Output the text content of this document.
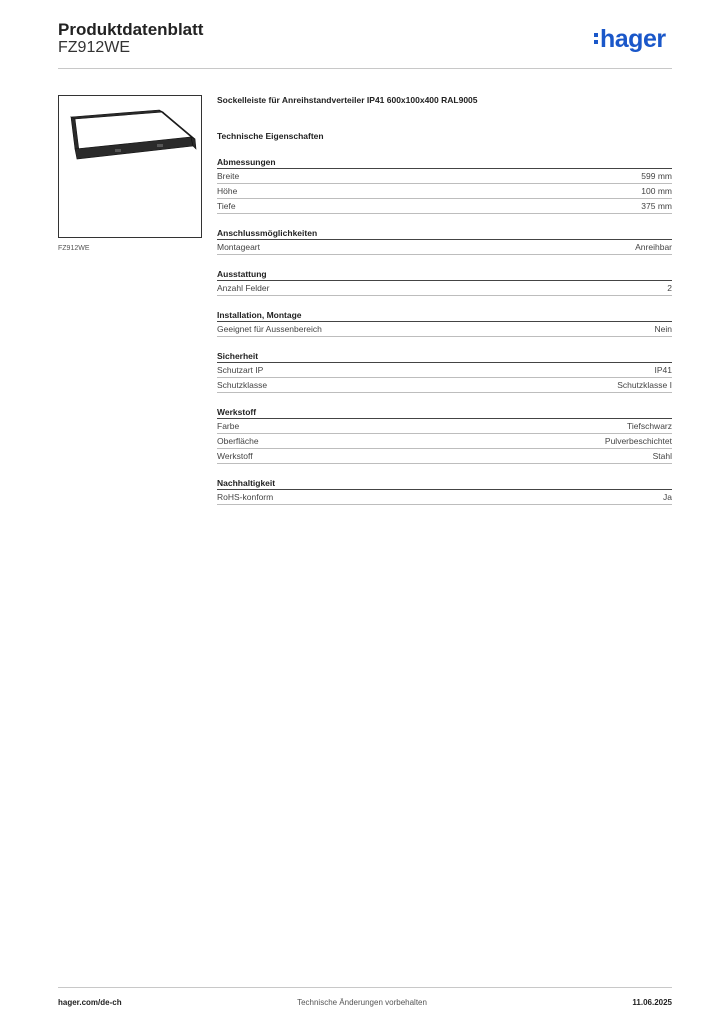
Produktdatenblatt
FZ912WE	hager
FZ912WE
Sockelleiste für Anreihstandverteiler IP41 600x100x400 RAL9005
Technische Eigenschaften
Abmessungen
Breite	599 mm
Höhe	100 mm
Tiefe	375 mm
Anschlussmöglichkeiten
Montageart	Anreihbar
Ausstattung
Anzahl Felder	2
Installation, Montage
Geeignet für Aussenbereich	Nein
Sicherheit
Schutzart IP	IP41
Schutzklasse	Schutzklasse I
Werkstoff
Farbe	Tiefschwarz
Oberfläche	Pulverbeschichtet
Werkstoff	Stahl
Nachhaltigkeit
RoHS-konform	Ja
hager.com/de-ch	Technische Änderungen vorbehalten	11.06.2025
